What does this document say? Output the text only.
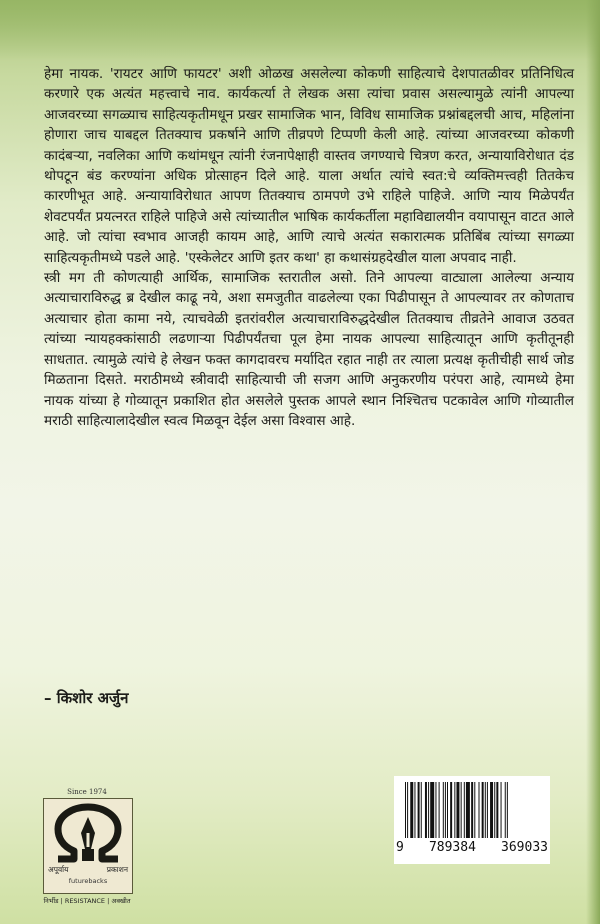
हेमा नायक. 'रायटर आणि फायटर' अशी ओळख असलेल्या कोकणी साहित्याचे देशपातळीवर प्रतिनिधित्व करणारे एक अत्यंत महत्त्वाचे नाव. कार्यकर्त्या ते लेखक असा त्यांचा प्रवास असल्यामुळे त्यांनी आपल्या आजवरच्या सगळ्याच साहित्यकृतीमधून प्रखर सामाजिक भान, विविध सामाजिक प्रश्नांबद्दलची आच, महिलांना होणारा जाच याबद्दल तितक्याच प्रकर्षाने आणि तीव्रपणे टिप्पणी केली आहे. त्यांच्या आजवरच्या कोकणी कादंबऱ्या, नवलिका आणि कथांमधून त्यांनी रंजनापेक्षाही वास्तव जगण्याचे चित्रण करत, अन्यायाविरोधात दंड थोपटून बंड करण्यांना अधिक प्रोत्साहन दिले आहे. याला अर्थात त्यांचे स्वत:चे व्यक्तिमत्त्वही तितकेच कारणीभूत आहे. अन्यायाविरोधात आपण तितक्याच ठामपणे उभे राहिले पाहिजे. आणि न्याय मिळेपर्यंत शेवटपर्यंत प्रयत्नरत राहिले पाहिजे असे त्यांच्यातील भाषिक कार्यकर्तीला महाविद्यालयीन वयापासून वाटत आले आहे. जो त्यांचा स्वभाव आजही कायम आहे, आणि त्याचे अत्यंत सकारात्मक प्रतिबिंब त्यांच्या सगळ्या साहित्यकृतीमध्ये पडले आहे. 'एस्केलेटर आणि इतर कथा' हा कथासंग्रहदेखील याला अपवाद नाही.

स्त्री मग ती कोणत्याही आर्थिक, सामाजिक स्तरातील असो. तिने आपल्या वाट्याला आलेल्या अन्याय अत्याचाराविरुद्ध ब्र देखील काढू नये, अशा समजुतीत वाढलेल्या एका पिढीपासून ते आपल्यावर तर कोणताच अत्याचार होता कामा नये, त्याचवेळी इतरांवरील अत्याचाराविरुद्धदेखील तितक्याच तीव्रतेने आवाज उठवत त्यांच्या न्यायहक्कांसाठी लढणाऱ्या पिढीपर्यंतचा पूल हेमा नायक आपल्या साहित्यातून आणि कृतीतूनही साधतात. त्यामुळे त्यांचे हे लेखन फक्त कागदावरच मर्यादित रहात नाही तर त्याला प्रत्यक्ष कृतीचीही सार्थ जोड मिळताना दिसते. मराठीमध्ये स्त्रीवादी साहित्याची जी सजग आणि अनुकरणीय परंपरा आहे, त्यामध्ये हेमा नायक यांच्या हे गोव्यातून प्रकाशित होत असलेले पुस्तक आपले स्थान निश्चितच पटकावेल आणि गोव्यातील मराठी साहित्यालादेखील स्वत्व मिळवून देईल असा विश्वास आहे.

– किशोर अर्जुन
Since 1974
अपूर्वाय	प्रकाशन
futurebacks
निर्भीड | RESISTANCE | अक्खीत
9 789384 369033
